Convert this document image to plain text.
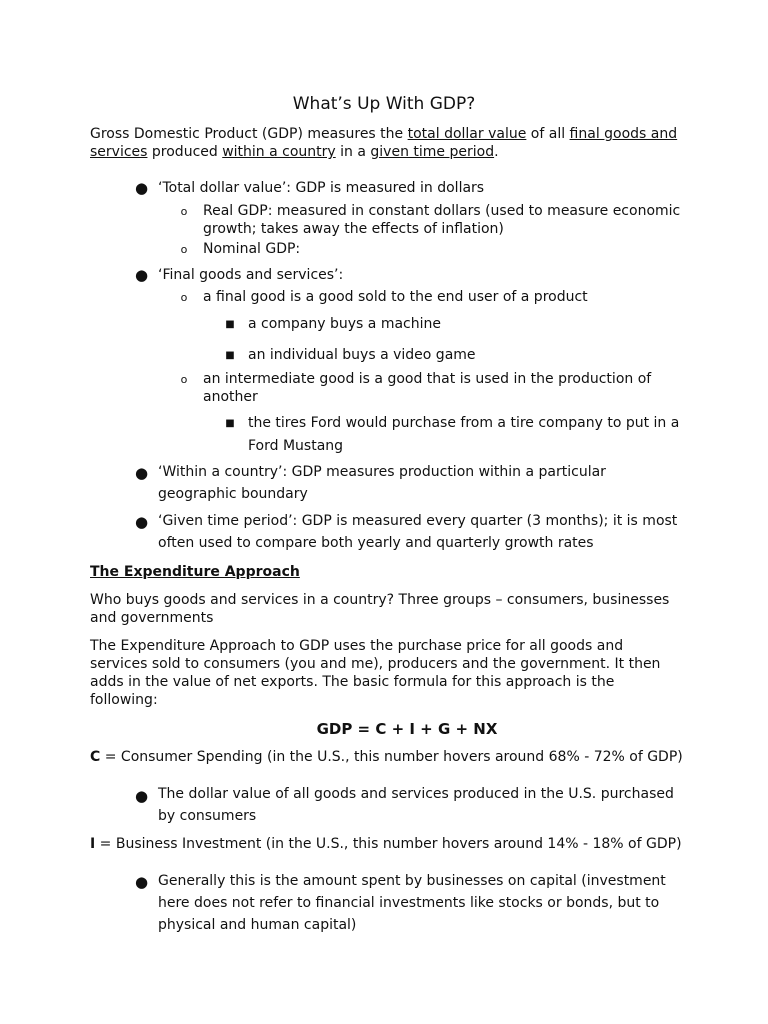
What’s Up With GDP?
Gross Domestic Product (GDP) measures the total dollar value of all final goods and
services produced within a country in a given time period.
● ‘Total dollar value’: GDP is measured in dollars
o Real GDP: measured in constant dollars (used to measure economic growth; takes away the effects of inflation)
o Nominal GDP:
● ‘Final goods and services’:
o a final good is a good sold to the end user of a product
■ a company buys a machine
■ an individual buys a video game
o an intermediate good is a good that is used in the production of another
■ the tires Ford would purchase from a tire company to put in a Ford Mustang
● ‘Within a country’: GDP measures production within a particular geographic boundary
● ‘Given time period’: GDP is measured every quarter (3 months); it is most often used to compare both yearly and quarterly growth rates
The Expenditure Approach
Who buys goods and services in a country? Three groups – consumers, businesses and governments
The Expenditure Approach to GDP uses the purchase price for all goods and services sold to consumers (you and me), producers and the government. It then adds in the value of net exports. The basic formula for this approach is the following:
GDP = C + I + G + NX
C = Consumer Spending (in the U.S., this number hovers around 68% - 72% of GDP)
● The dollar value of all goods and services produced in the U.S. purchased by consumers
I = Business Investment (in the U.S., this number hovers around 14% - 18% of GDP)
● Generally this is the amount spent by businesses on capital (investment here does not refer to financial investments like stocks or bonds, but to physical and human capital)
